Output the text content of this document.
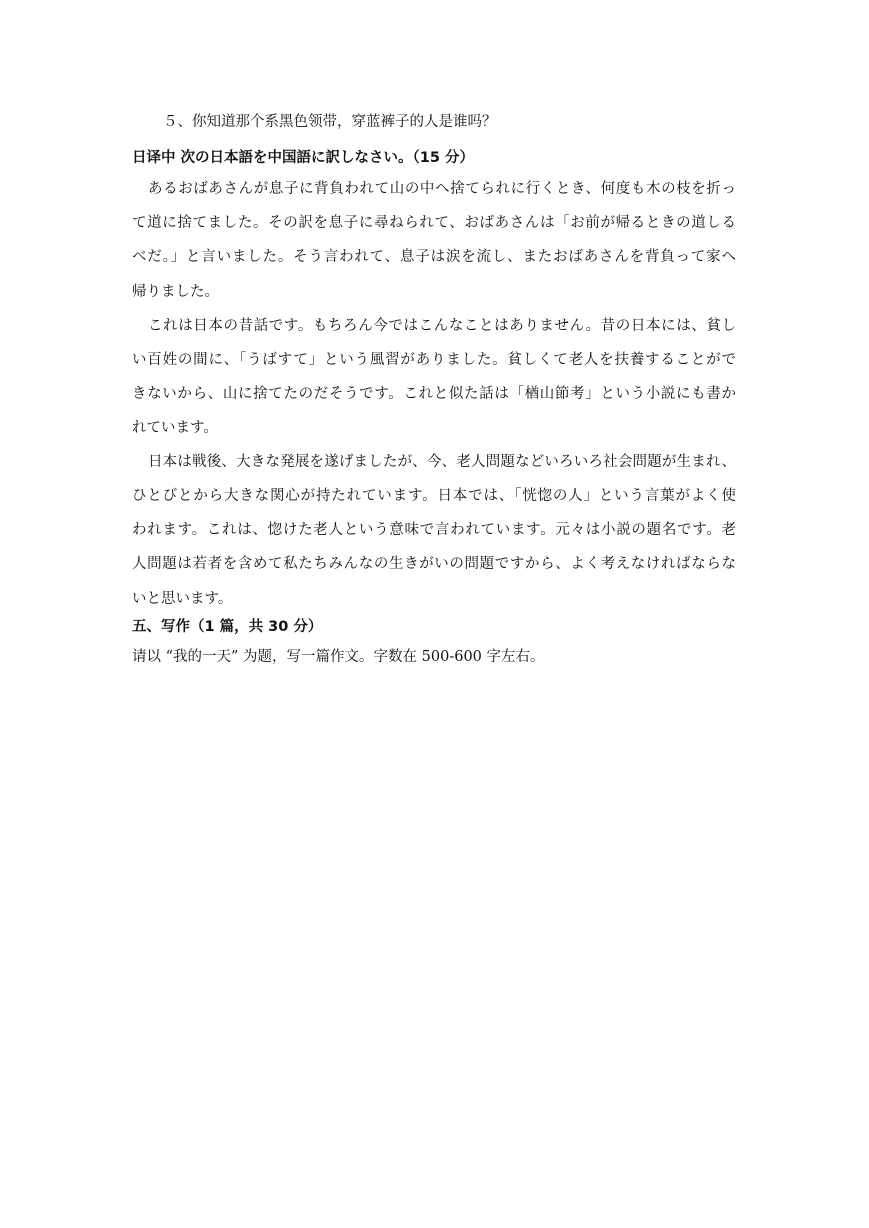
５、你知道那个系黑色领带，穿蓝裤子的人是谁吗？
日译中 次の日本語を中国語に訳しなさい。（15 分）
あるおばあさんが息子に背負われて山の中へ捨てられに行くとき、何度も木の枝を折っ
て道に捨てました。その訳を息子に尋ねられて、おばあさんは「お前が帰るときの道しる
べだ。」と言いました。そう言われて、息子は涙を流し、またおばあさんを背負って家へ
帰りました。
これは日本の昔話です。もちろん今ではこんなことはありません。昔の日本には、貧し
い百姓の間に、「うばすて」という風習がありました。貧しくて老人を扶養することがで
きないから、山に捨てたのだそうです。これと似た話は「楢山節考」という小説にも書か
れています。
日本は戦後、大きな発展を遂げましたが、今、老人問題などいろいろ社会問題が生まれ、
ひとびとから大きな関心が持たれています。日本では、「恍惚の人」という言葉がよく使
われます。これは、惚けた老人という意味で言われています。元々は小説の題名です。老
人問題は若者を含めて私たちみんなの生きがいの問題ですから、よく考えなければならな
いと思います。
五、写作（1 篇，共 30 分）
请以 “我的一天” 为题，写一篇作文。字数在 500-600 字左右。
